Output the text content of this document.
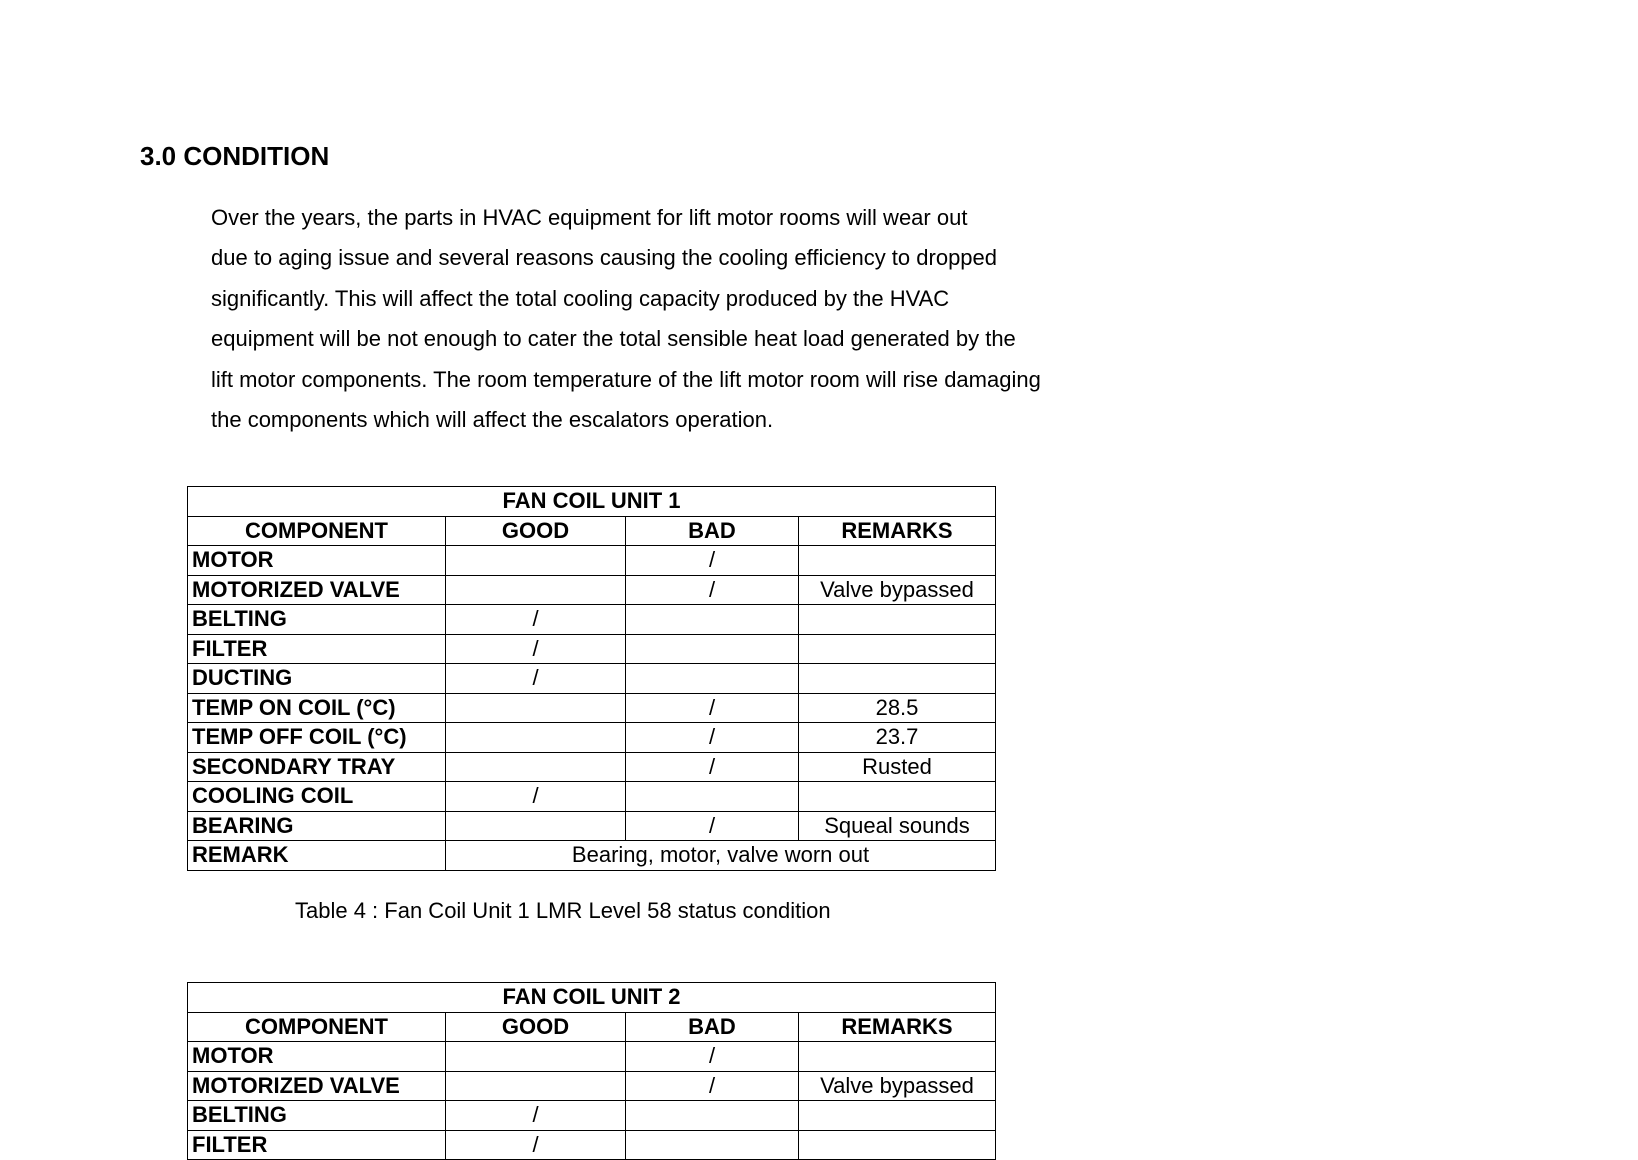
3.0 CONDITION

Over the years, the parts in HVAC equipment for lift motor rooms will wear out
due to aging issue and several reasons causing the cooling efficiency to dropped
significantly. This will affect the total cooling capacity produced by the HVAC
equipment will be not enough to cater the total sensible heat load generated by the
lift motor components. The room temperature of the lift motor room will rise damaging
the components which will affect the escalators operation.

FAN COIL UNIT 1			
COMPONENT	GOOD	BAD	REMARKS
MOTOR		/	
MOTORIZED VALVE		/	Valve bypassed
BELTING	/		
FILTER	/		
DUCTING	/		
TEMP ON COIL (°C)		/	28.5
TEMP OFF COIL (°C)		/	23.7
SECONDARY TRAY		/	Rusted
COOLING COIL	/		
BEARING		/	Squeal sounds
REMARK	Bearing, motor, valve worn out		

Table 4 : Fan Coil Unit 1 LMR Level 58 status condition

FAN COIL UNIT 2			
COMPONENT	GOOD	BAD	REMARKS
MOTOR		/	
MOTORIZED VALVE		/	Valve bypassed
BELTING	/		
FILTER	/		
